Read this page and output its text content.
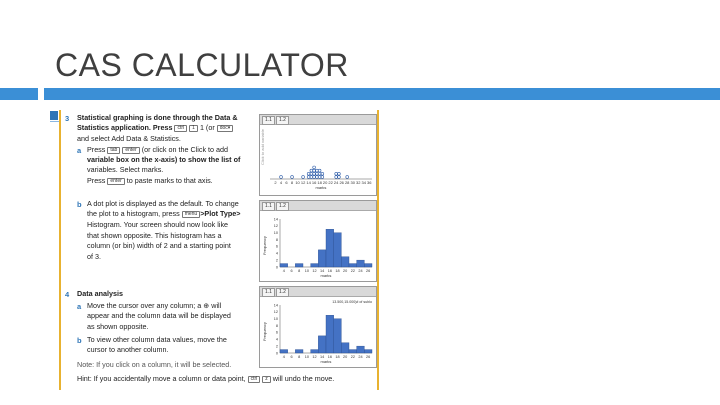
CAS CALCULATOR
3 Statistical graphing is done through the Data &
Statistics application. Press ctrl 1 1 (or doc▾
and select Add Data & Statistics.
a Press tab enter (or click on the Click to add
variable box on the x-axis) to show the list of
variables. Select marks.
Press enter to paste marks to that axis.
b A dot plot is displayed as the default. To change
the plot to a histogram, press menu >Plot Type>
Histogram. Your screen should now look like
that shown opposite. This histogram has a
column (or bin) width of 2 and a starting point
of 3.
4 Data analysis
a Move the cursor over any column; a ⊕ will
appear and the column data will be displayed
as shown opposite.
b To view other column data values, move the
cursor to another column.
Note: If you click on a column, it will be selected.
Hint: If you accidentally move a column or data point, ctrl z will undo the move.
1.1	1.2
Click to add variable
2 4 6 8 10 12 14 16 18 20 22 24 26 28 30 32 34 36
marks
1.1	1.2
Frequency
0
2
4
6
8
10
12
14
4 6 8 10 12 14 16 18 20 22 24 26
marks
1.1	1.2
Frequency
0
2
4
6
8
10
12
14
4 6 8 10 12 14 16 18 20 22 24 26
marks
13.500,15.000)# of sublo
